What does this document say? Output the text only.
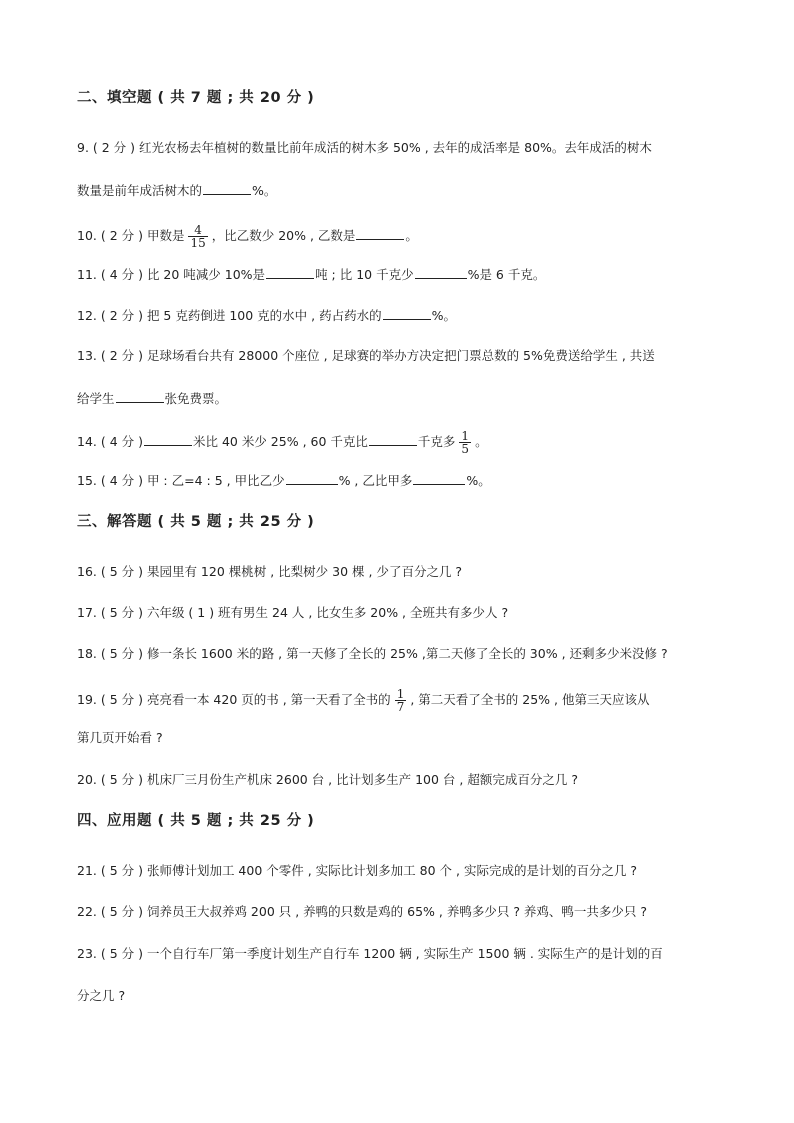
二、填空题 ( 共 7 题 ; 共 20 分 )
9. ( 2 分 ) 红光农杨去年植树的数量比前年成活的树木多 50% , 去年的成活率是 80%。去年成活的树木
数量是前年成活树木的	%。
10. ( 2 分 ) 甲数是 $\frac{4}{15}$ ，比乙数少 20% , 乙数是	。
11. ( 4 分 ) 比 20 吨减少 10%是	吨 ; 比 10 千克少	%是 6 千克。
12. ( 2 分 ) 把 5 克药倒进 100 克的水中 , 药占药水的	%。
13. ( 2 分 ) 足球场看台共有 28000 个座位 , 足球赛的举办方决定把门票总数的 5%免费送给学生 , 共送
给学生	张免费票。
14. ( 4 分 )	米比 40 米少 25% , 60 千克比	千克多 $\frac{1}{5}$ 。
15. ( 4 分 ) 甲 : 乙=4 : 5 , 甲比乙少	% , 乙比甲多	%。
三、解答题 ( 共 5 题 ; 共 25 分 )
16. ( 5 分 ) 果园里有 120 棵桃树 , 比梨树少 30 棵 , 少了百分之几 ?
17. ( 5 分 ) 六年级 ( 1 ) 班有男生 24 人 , 比女生多 20% , 全班共有多少人 ?
18. ( 5 分 ) 修一条长 1600 米的路 , 第一天修了全长的 25% ,第二天修了全长的 30% , 还剩多少米没修 ?
19. ( 5 分 ) 亮亮看一本 420 页的书 , 第一天看了全书的 $\frac{1}{7}$ , 第二天看了全书的 25% , 他第三天应该从
第几页开始看 ?
20. ( 5 分 ) 机床厂三月份生产机床 2600 台 , 比计划多生产 100 台 , 超额完成百分之几 ?
四、应用题 ( 共 5 题 ; 共 25 分 )
21. ( 5 分 ) 张师傅计划加工 400 个零件 , 实际比计划多加工 80 个 , 实际完成的是计划的百分之几 ?
22. ( 5 分 ) 饲养员王大叔养鸡 200 只 , 养鸭的只数是鸡的 65% , 养鸭多少只 ? 养鸡、鸭一共多少只 ?
23. ( 5 分 ) 一个自行车厂第一季度计划生产自行车 1200 辆 , 实际生产 1500 辆 . 实际生产的是计划的百
分之几 ?
